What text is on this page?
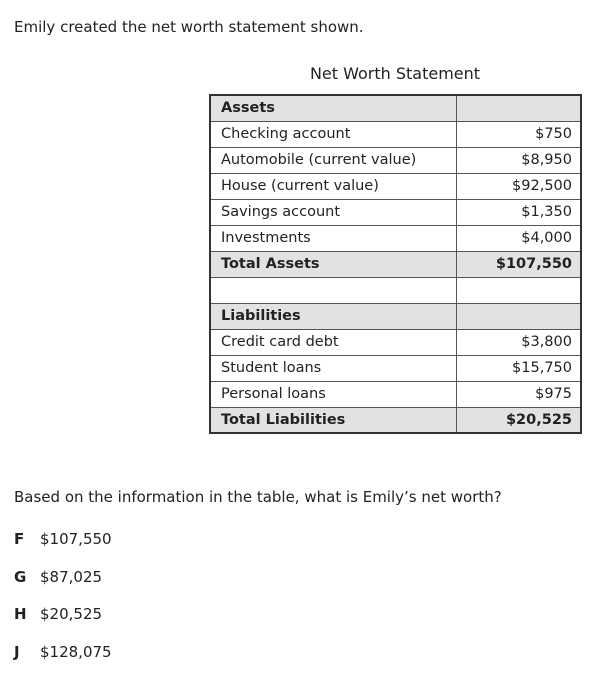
Emily created the net worth statement shown.

Net Worth Statement

Assets	
Checking account	$750
Automobile (current value)	$8,950
House (current value)	$92,500
Savings account	$1,350
Investments	$4,000
Total Assets	$107,550

Liabilities	
Credit card debt	$3,800
Student loans	$15,750
Personal loans	$975
Total Liabilities	$20,525

Based on the information in the table, what is Emily’s net worth?

F	$107,550
G $87,025
H $20,525
J	$128,075
